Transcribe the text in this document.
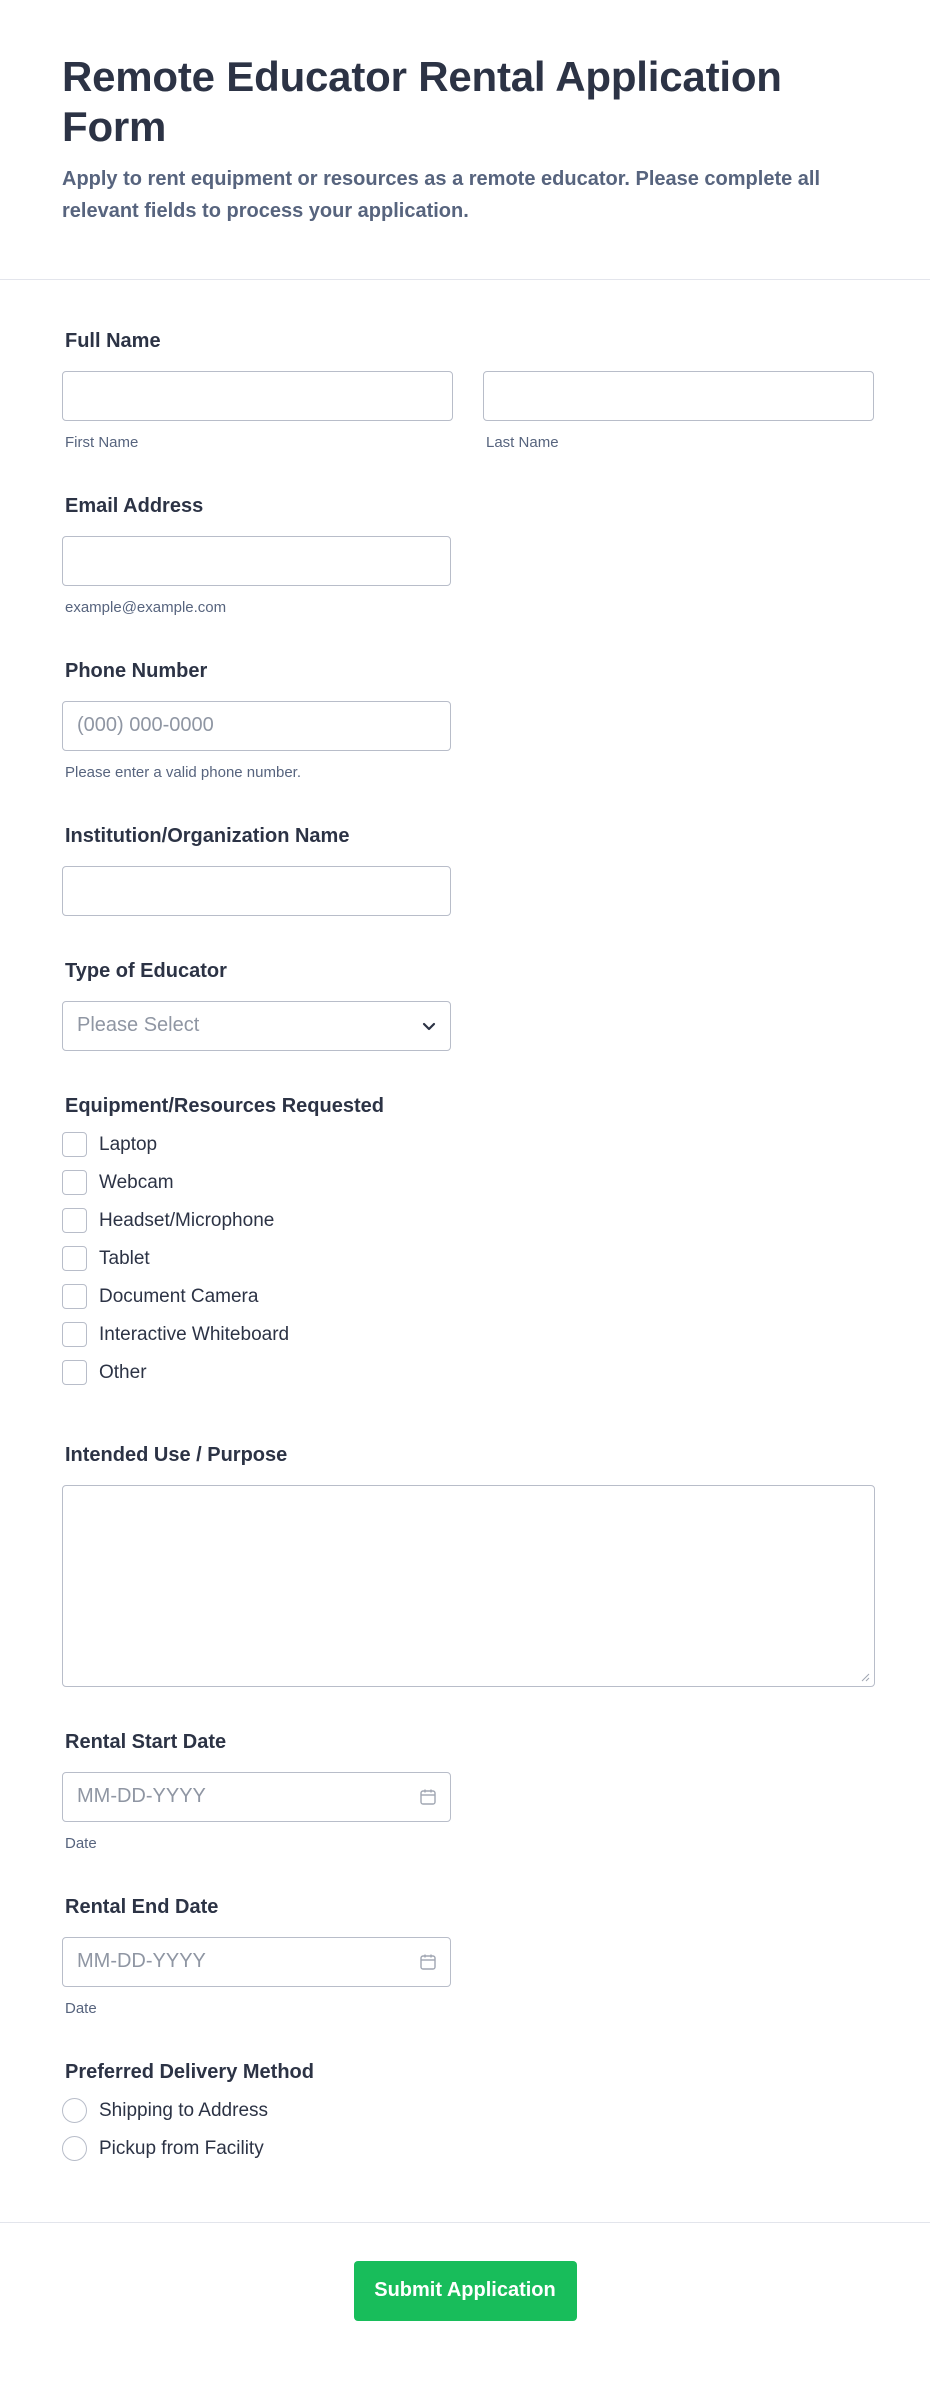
Remote Educator Rental Application Form

Apply to rent equipment or resources as a remote educator. Please complete all relevant fields to process your application.

Full Name
First Name	Last Name
Email Address
example@example.com
Phone Number
(000) 000-0000
Please enter a valid phone number.
Institution/Organization Name
Type of Educator
Please Select
Equipment/Resources Requested
Laptop
Webcam
Headset/Microphone
Tablet
Document Camera
Interactive Whiteboard
Other
Intended Use / Purpose
Rental Start Date
MM-DD-YYYY
Date
Rental End Date
MM-DD-YYYY
Date
Preferred Delivery Method
Shipping to Address
Pickup from Facility
Submit Application
